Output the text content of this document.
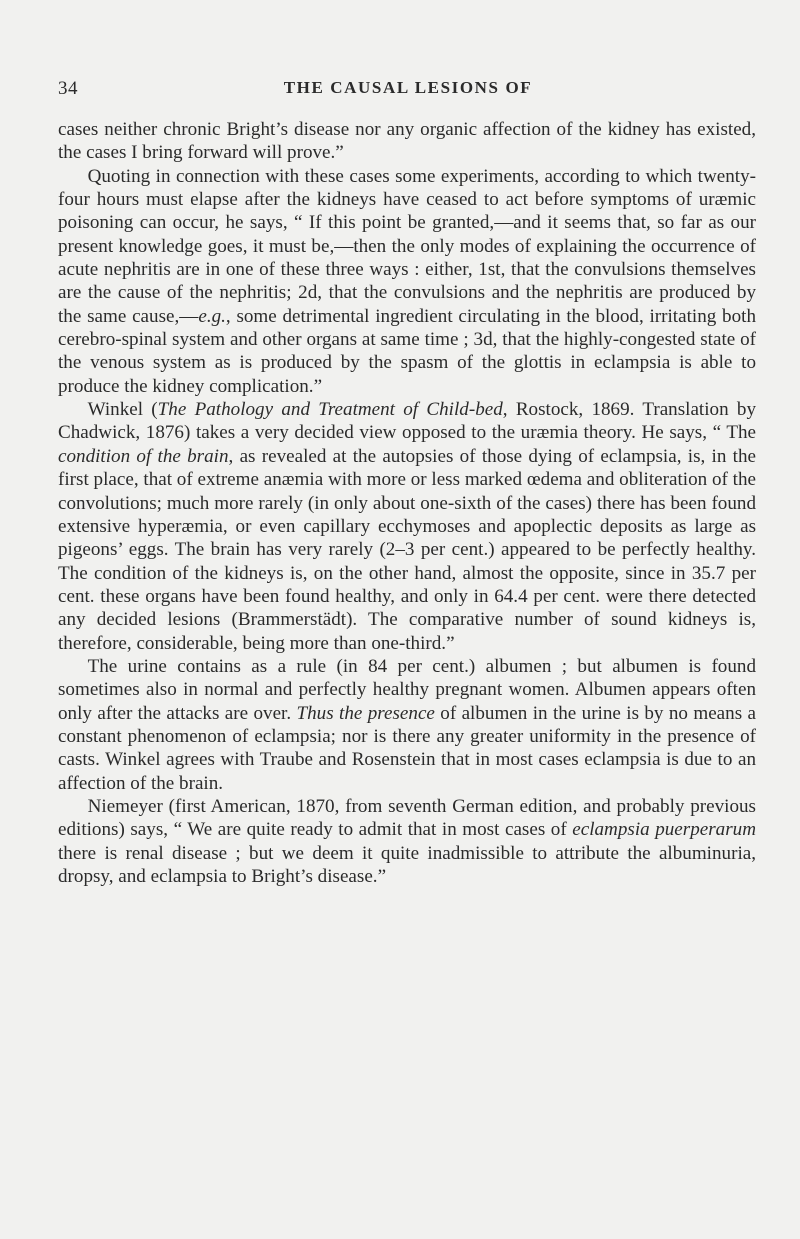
34	THE CAUSAL LESIONS OF

cases neither chronic Bright’s disease nor any organic affection of the kidney has existed, the cases I bring forward will prove.”

Quoting in connection with these cases some experiments, according to which twenty-four hours must elapse after the kidneys have ceased to act before symptoms of uræmic poisoning can occur, he says, “ If this point be granted,—and it seems that, so far as our present knowledge goes, it must be,—then the only modes of explaining the occurrence of acute nephritis are in one of these three ways : either, 1st, that the convulsions themselves are the cause of the nephritis; 2d, that the convulsions and the nephritis are produced by the same cause,—e.g., some detrimental ingredient circulating in the blood, irritating both cerebro-spinal system and other organs at same time ; 3d, that the highly-congested state of the venous system as is produced by the spasm of the glottis in eclampsia is able to produce the kidney complication.”

Winkel (The Pathology and Treatment of Child-bed, Rostock, 1869. Translation by Chadwick, 1876) takes a very decided view opposed to the uræmia theory. He says, “ The condition of the brain, as revealed at the autopsies of those dying of eclampsia, is, in the first place, that of extreme anæmia with more or less marked œdema and obliteration of the convolutions; much more rarely (in only about one-sixth of the cases) there has been found extensive hyperæmia, or even capillary ecchymoses and apoplectic deposits as large as pigeons’ eggs. The brain has very rarely (2–3 per cent.) appeared to be perfectly healthy. The condition of the kidneys is, on the other hand, almost the opposite, since in 35.7 per cent. these organs have been found healthy, and only in 64.4 per cent. were there detected any decided lesions (Brammerstädt). The comparative number of sound kidneys is, therefore, considerable, being more than one-third.”

The urine contains as a rule (in 84 per cent.) albumen ; but albumen is found sometimes also in normal and perfectly healthy pregnant women. Albumen appears often only after the attacks are over. Thus the presence of albumen in the urine is by no means a constant phenomenon of eclampsia; nor is there any greater uniformity in the presence of casts. Winkel agrees with Traube and Rosenstein that in most cases eclampsia is due to an affection of the brain.

Niemeyer (first American, 1870, from seventh German edition, and probably previous editions) says, “ We are quite ready to admit that in most cases of eclampsia puerperarum there is renal disease ; but we deem it quite inadmissible to attribute the albuminuria, dropsy, and eclampsia to Bright’s disease.”
